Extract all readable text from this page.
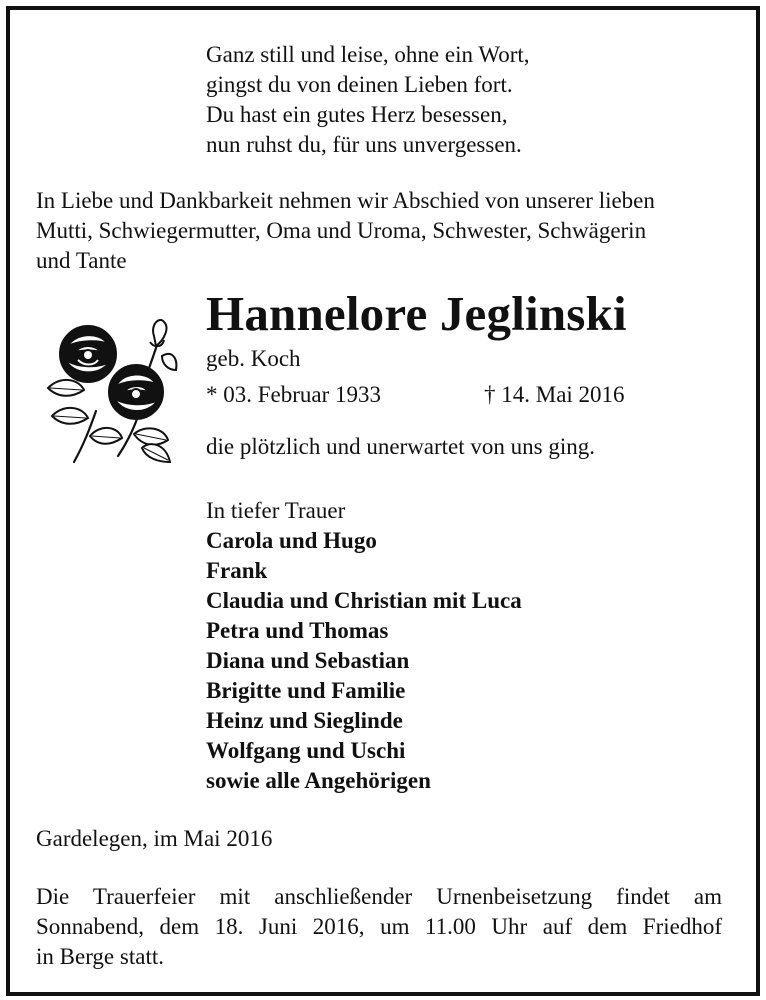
Ganz still und leise, ohne ein Wort,
gingst du von deinen Lieben fort.
Du hast ein gutes Herz besessen,
nun ruhst du, für uns unvergessen.
In Liebe und Dankbarkeit nehmen wir Abschied von unserer lieben
Mutti, Schwiegermutter, Oma und Uroma, Schwester, Schwägerin
und Tante
Hannelore Jeglinski
geb. Koch
* 03. Februar 1933	† 14. Mai 2016
die plötzlich und unerwartet von uns ging.
In tiefer Trauer
Carola und Hugo
Frank
Claudia und Christian mit Luca
Petra und Thomas
Diana und Sebastian
Brigitte und Familie
Heinz und Sieglinde
Wolfgang und Uschi
sowie alle Angehörigen
Gardelegen, im Mai 2016
Die Trauerfeier mit anschließender Urnenbeisetzung findet am
Sonnabend, dem 18. Juni 2016, um 11.00 Uhr auf dem Friedhof
in Berge statt.
